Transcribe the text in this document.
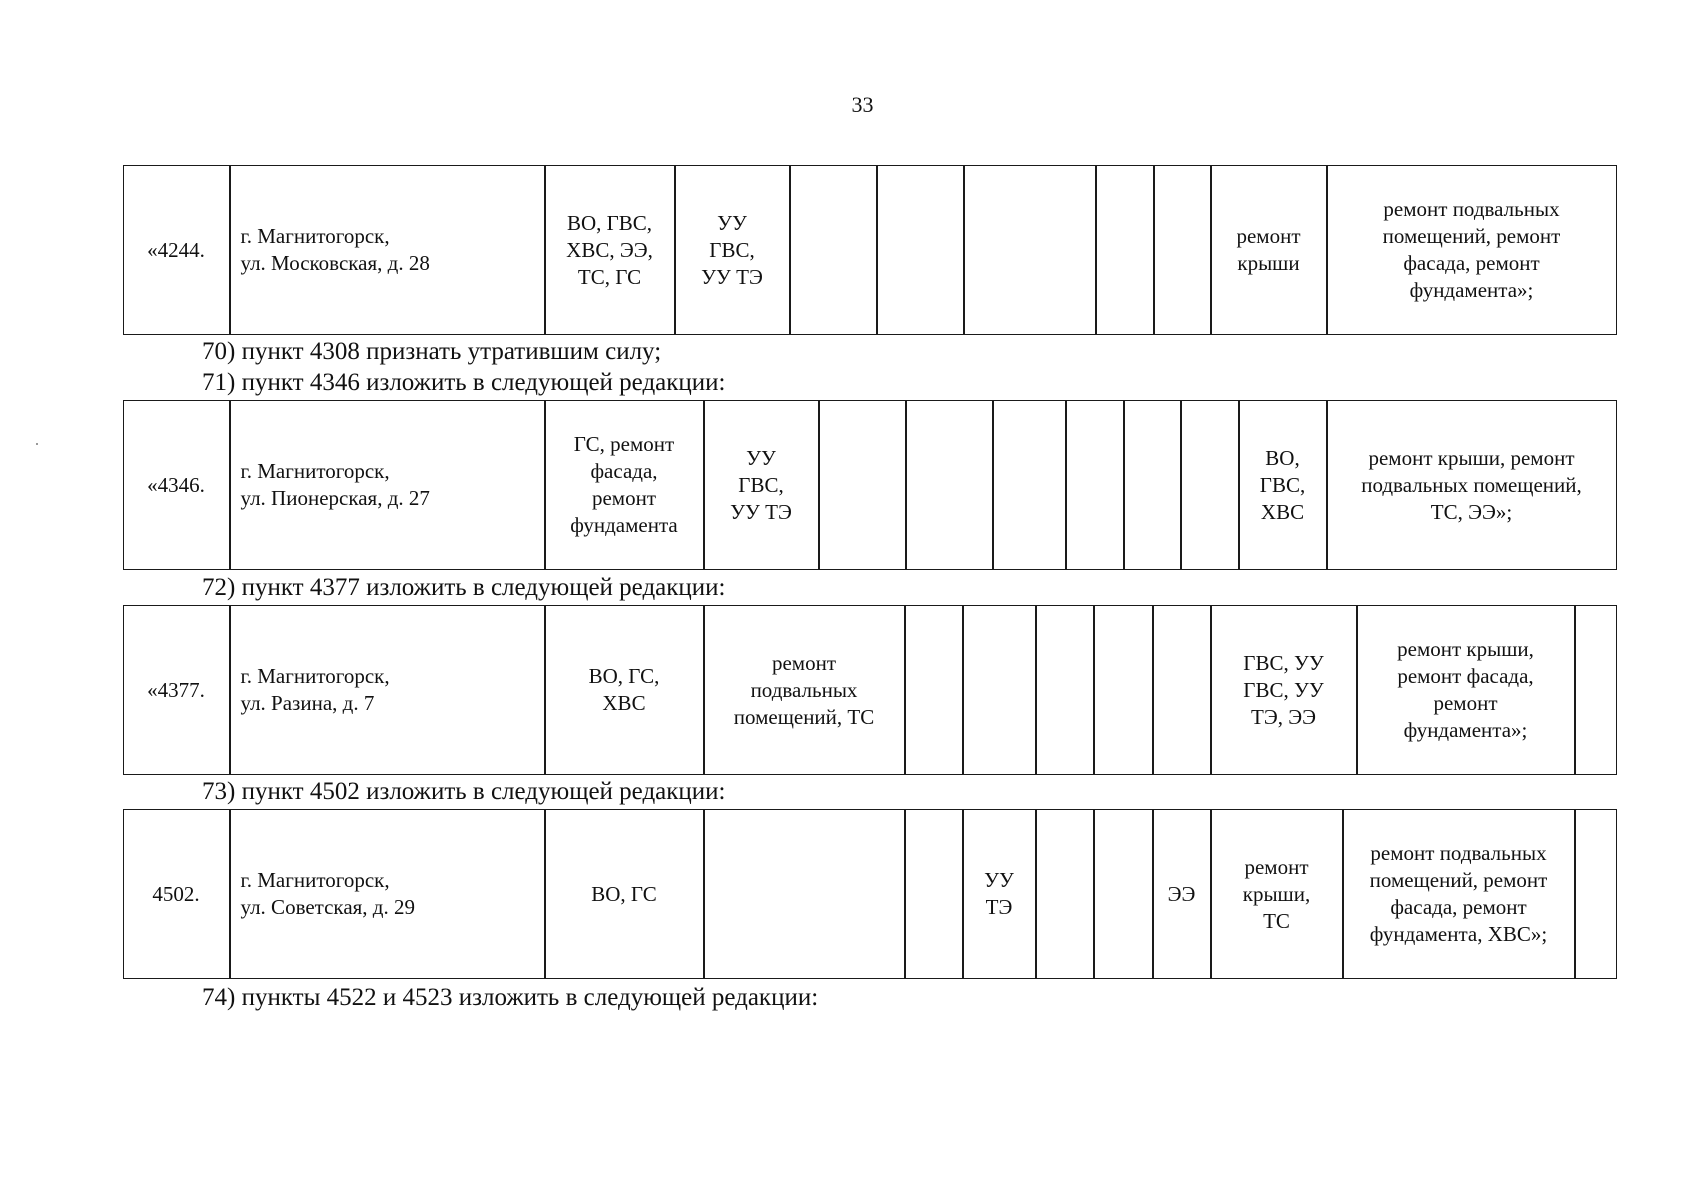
33
«4244.
г. Магнитогорск,
ул. Московская, д. 28
ВО, ГВС,
ХВС, ЭЭ,
ТС, ГС
УУ
ГВС,
УУ ТЭ
ремонт
крыши
ремонт подвальных
помещений, ремонт
фасада, ремонт
фундамента»;
70) пункт 4308 признать утратившим силу;
71) пункт 4346 изложить в следующей редакции:
«4346.
г. Магнитогорск,
ул. Пионерская, д. 27
ГС, ремонт
фасада,
ремонт
фундамента
УУ
ГВС,
УУ ТЭ
ВО,
ГВС,
ХВС
ремонт крыши, ремонт
подвальных помещений,
ТС, ЭЭ»;
72) пункт 4377 изложить в следующей редакции:
«4377.
г. Магнитогорск,
ул. Разина, д. 7
ВО, ГС,
ХВС
ремонт
подвальных
помещений, ТС
ГВС, УУ
ГВС, УУ
ТЭ, ЭЭ
ремонт крыши,
ремонт фасада,
ремонт
фундамента»;
73) пункт 4502 изложить в следующей редакции:
4502.
г. Магнитогорск,
ул. Советская, д. 29
ВО, ГС
УУ
ТЭ
ЭЭ
ремонт
крыши,
ТС
ремонт подвальных
помещений, ремонт
фасада, ремонт
фундамента, ХВС»;
74) пункты 4522 и 4523 изложить в следующей редакции:
